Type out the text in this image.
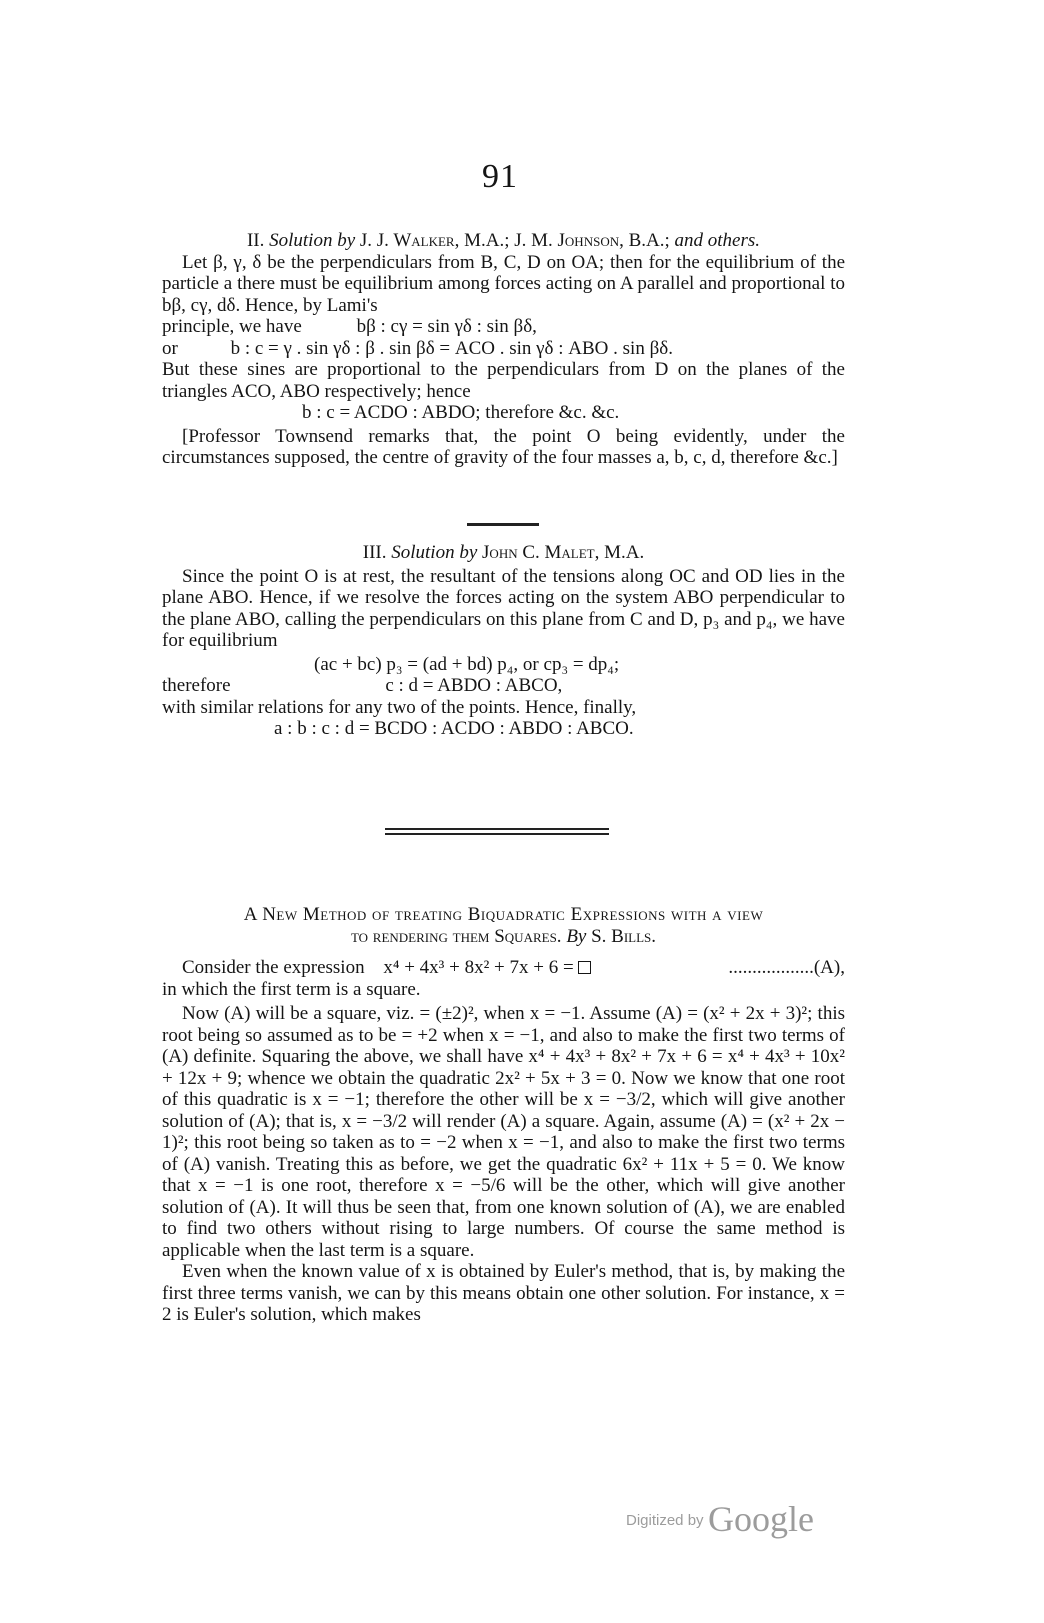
91
II. Solution by J. J. Walker, M.A.; J. M. Johnson, B.A.; and others.
Let β, γ, δ be the perpendiculars from B, C, D on OA; then for the equilibrium of the particle a there must be equilibrium among forces acting on A parallel and proportional to bβ, cγ, dδ. Hence, by Lami's
principle, we have	bβ : cγ = sin γδ : sin βδ,
or	b : c = γ . sin γδ : β . sin βδ = ACO . sin γδ : ABO . sin βδ.
But these sines are proportional to the perpendiculars from D on the planes of the triangles ACO, ABO respectively; hence
b : c = ACDO : ABDO; therefore &c. &c.
[Professor Townsend remarks that, the point O being evidently, under the circumstances supposed, the centre of gravity of the four masses a, b, c, d, therefore &c.]
III. Solution by John C. Malet, M.A.
Since the point O is at rest, the resultant of the tensions along OC and OD lies in the plane ABO. Hence, if we resolve the forces acting on the system ABO perpendicular to the plane ABO, calling the perpendiculars on this plane from C and D, p₃ and p₄, we have for equilibrium
(ac + bc) p₃ = (ad + bd) p₄, or cp₃ = dp₄;
therefore	c : d = ABDO : ABCO,
with similar relations for any two of the points. Hence, finally,
a : b : c : d = BCDO : ACDO : ABDO : ABCO.
A New Method of treating Biquadratic Expressions with a view
to rendering them Squares. By S. Bills.
Consider the expression x⁴ + 4x³ + 8x² + 7x + 6 =	..................(A),
in which the first term is a square.
Now (A) will be a square, viz. = (±2)², when x = −1. Assume (A) = (x² + 2x + 3)²; this root being so assumed as to be = +2 when x = −1, and also to make the first two terms of (A) definite. Squaring the above, we shall have x⁴ + 4x³ + 8x² + 7x + 6 = x⁴ + 4x³ + 10x² + 12x + 9; whence we obtain the quadratic 2x² + 5x + 3 = 0. Now we know that one root of this quadratic is x = −1; therefore the other will be x = −3/2, which will give another solution of (A); that is, x = −3/2 will render (A) a square. Again, assume (A) = (x² + 2x − 1)²; this root being so taken as to = −2 when x = −1, and also to make the first two terms of (A) vanish. Treating this as before, we get the quadratic 6x² + 11x + 5 = 0. We know that x = −1 is one root, therefore x = −5/6 will be the other, which will give another solution of (A). It will thus be seen that, from one known solution of (A), we are enabled to find two others without rising to large numbers. Of course the same method is applicable when the last term is a square.
Even when the known value of x is obtained by Euler's method, that is, by making the first three terms vanish, we can by this means obtain one other solution. For instance, x = 2 is Euler's solution, which makes
Digitized by Google
